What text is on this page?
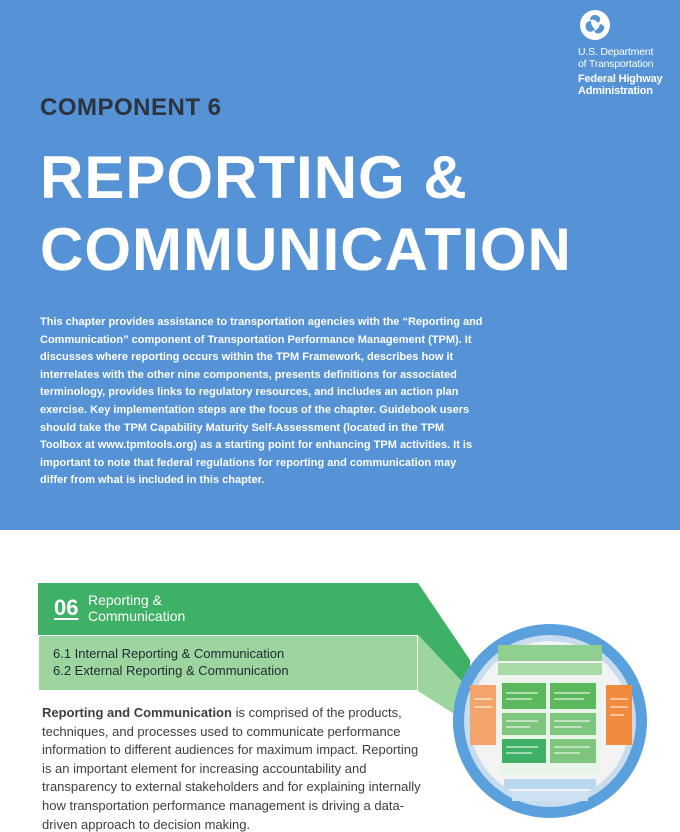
U.S. Department
of Transportation
Federal Highway
Administration
COMPONENT 6
REPORTING &
COMMUNICATION

This chapter provides assistance to transportation agencies with the “Reporting and Communication” component of Transportation Performance Management (TPM). It discusses where reporting occurs within the TPM Framework, describes how it interrelates with the other nine components, presents definitions for associated terminology, provides links to regulatory resources, and includes an action plan exercise. Key implementation steps are the focus of the chapter. Guidebook users should take the TPM Capability Maturity Self-Assessment (located in the TPM Toolbox at www.tpmtools.org) as a starting point for enhancing TPM activities. It is important to note that federal regulations for reporting and communication may differ from what is included in this chapter.

06 Reporting &
Communication
6.1 Internal Reporting & Communication
6.2 External Reporting & Communication

Reporting and Communication is comprised of the products, techniques, and processes used to communicate performance information to different audiences for maximum impact. Reporting is an important element for increasing accountability and transparency to external stakeholders and for explaining internally how transportation performance management is driving a data-driven approach to decision making.
